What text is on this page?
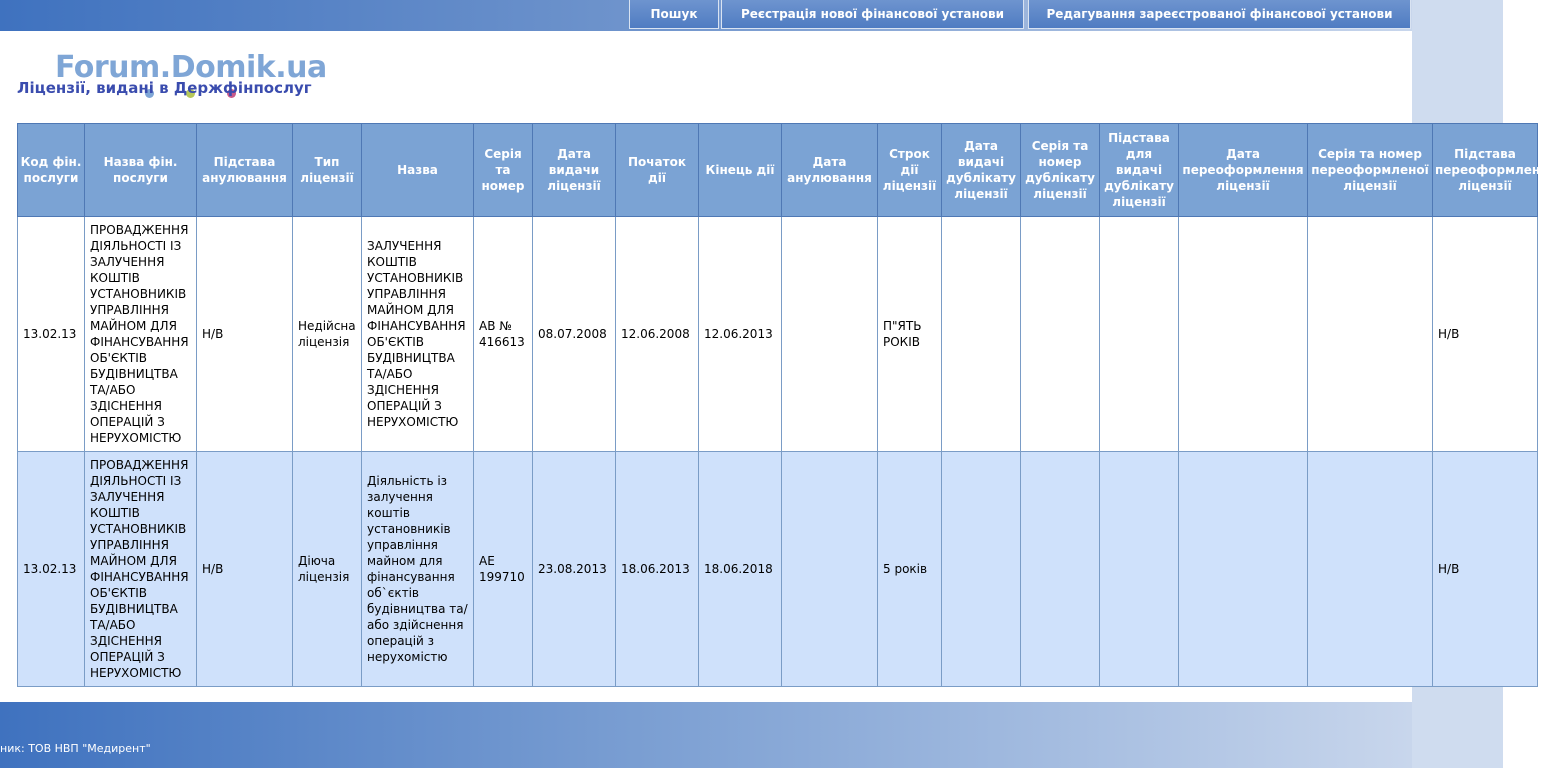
Пошук	Реєстрація нової фінансової установи	Редагування зареєстрованої фінансової установи
Forum.Domik.ua
Ліцензії, видані в Держфінпослуг
Код фін. послуги	Назва фін. послуги	Підстава анулювання	Тип ліцензії	Назва	Серія та номер	Дата видачи ліцензії	Початок дії	Кінець дії	Дата анулювання	Строк дії ліцензії	Дата видачі дублікату ліцензії	Серія та номер дублікату ліцензії	Підстава для видачі дублікату ліцензії	Дата переоформлення ліцензії	Серія та номер переоформленої ліцензії	Підстава переоформлення ліцензії
13.02.13	ПРОВАДЖЕННЯ ДІЯЛЬНОСТІ ІЗ ЗАЛУЧЕННЯ КОШТІВ УСТАНОВНИКІВ УПРАВЛІННЯ МАЙНОМ ДЛЯ ФІНАНСУВАННЯ ОБ'ЄКТІВ БУДІВНИЦТВА ТА/АБО ЗДІСНЕННЯ ОПЕРАЦІЙ З НЕРУХОМІСТЮ	Н/В	Недійсна ліцензія	ЗАЛУЧЕННЯ КОШТІВ УСТАНОВНИКІВ УПРАВЛІННЯ МАЙНОМ ДЛЯ ФІНАНСУВАННЯ ОБ'ЄКТІВ БУДІВНИЦТВА ТА/АБО ЗДІСНЕННЯ ОПЕРАЦІЙ З НЕРУХОМІСТЮ	АВ № 416613	08.07.2008	12.06.2008	12.06.2013		П"ЯТЬ РОКІВ						Н/В
13.02.13	ПРОВАДЖЕННЯ ДІЯЛЬНОСТІ ІЗ ЗАЛУЧЕННЯ КОШТІВ УСТАНОВНИКІВ УПРАВЛІННЯ МАЙНОМ ДЛЯ ФІНАНСУВАННЯ ОБ'ЄКТІВ БУДІВНИЦТВА ТА/АБО ЗДІСНЕННЯ ОПЕРАЦІЙ З НЕРУХОМІСТЮ	Н/В	Діюча ліцензія	Діяльність із залучення коштів установників управління майном для фінансування об`єктів будівництва та/або здійснення операцій з нерухомістю	АЕ 199710	23.08.2013	18.06.2013	18.06.2018		5 років						Н/В
ник: ТОВ НВП "Медирент"
